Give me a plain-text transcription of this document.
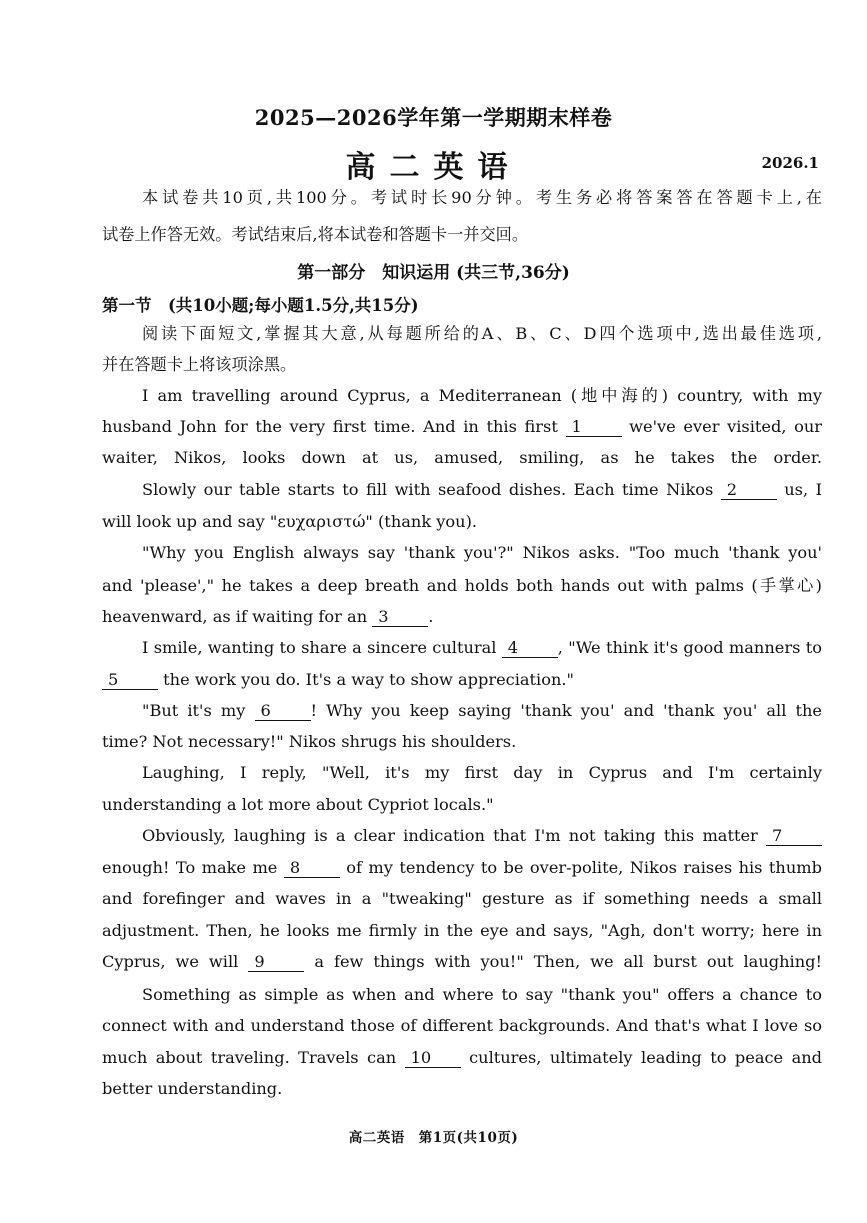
2025—2026学年第一学期期末样卷
高二英语	2026.1
本试卷共10页,共100分。考试时长90分钟。考生务必将答案答在答题卡上,在
试卷上作答无效。考试结束后,将本试卷和答题卡一并交回。
第一部分　知识运用 (共三节,36分)
第一节　(共10小题;每小题1.5分,共15分)
阅读下面短文,掌握其大意,从每题所给的A、B、C、D四个选项中,选出最佳选项,
并在答题卡上将该项涂黑。
I am travelling around Cyprus, a Mediterranean (地中海的) country, with my
husband John for the very first time. And in this first 1	we've ever visited, our
waiter, Nikos, looks down at us, amused, smiling, as he takes the order.
Slowly our table starts to fill with seafood dishes. Each time Nikos 2	us, I
will look up and say "ευχαριστώ" (thank you).
"Why you English always say 'thank you'?" Nikos asks. "Too much 'thank you'
and 'please'," he takes a deep breath and holds both hands out with palms (手掌心)
heavenward, as if waiting for an 3 .
I smile, wanting to share a sincere cultural 4 , "We think it's good manners to
5	the work you do. It's a way to show appreciation."
"But it's my 6 ! Why you keep saying 'thank you' and 'thank you' all the
time? Not necessary!" Nikos shrugs his shoulders.
Laughing, I reply, "Well, it's my first day in Cyprus and I'm certainly
understanding a lot more about Cypriot locals."
Obviously, laughing is a clear indication that I'm not taking this matter 7
enough! To make me 8	of my tendency to be over-polite, Nikos raises his thumb
and forefinger and waves in a "tweaking" gesture as if something needs a small
adjustment. Then, he looks me firmly in the eye and says, "Agh, don't worry; here in
Cyprus, we will 9	a few things with you!" Then, we all burst out laughing!
Something as simple as when and where to say "thank you" offers a chance to
connect with and understand those of different backgrounds. And that's what I love so
much about traveling. Travels can 10 cultures, ultimately leading to peace and
better understanding.
高二英语　第1页(共10页)
